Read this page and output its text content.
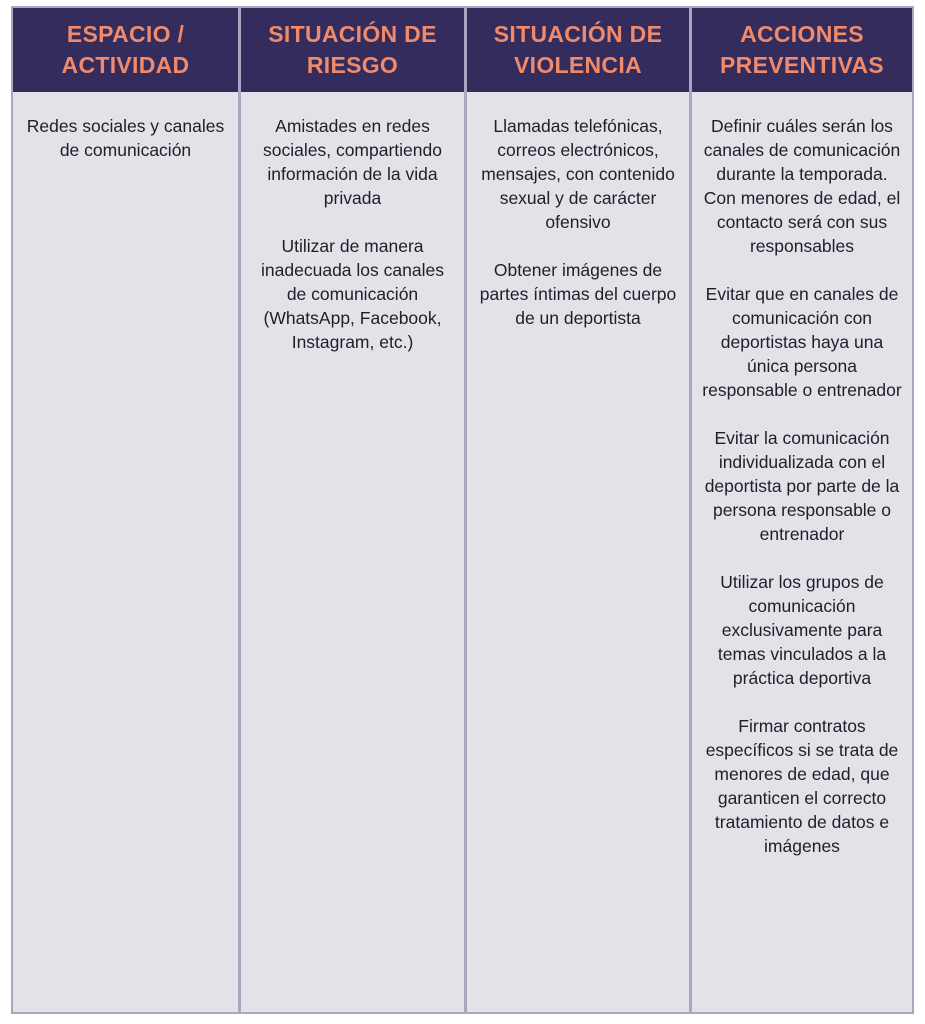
ESPACIO /
ACTIVIDAD
SITUACIÓN DE
RIESGO
SITUACIÓN DE
VIOLENCIA
ACCIONES
PREVENTIVAS

Redes sociales y canales de comunicación

Amistades en redes sociales, compartiendo información de la vida privada

Utilizar de manera inadecuada los canales de comunicación (WhatsApp, Facebook, Instagram, etc.)

Llamadas telefónicas, correos electrónicos, mensajes, con contenido sexual y de carácter ofensivo

Obtener imágenes de partes íntimas del cuerpo de un deportista

Definir cuáles serán los canales de comunicación durante la temporada. Con menores de edad, el contacto será con sus responsables

Evitar que en canales de comunicación con deportistas haya una única persona responsable o entrenador

Evitar la comunicación individualizada con el deportista por parte de la persona responsable o entrenador

Utilizar los grupos de comunicación exclusivamente para temas vinculados a la práctica deportiva

Firmar contratos específicos si se trata de menores de edad, que garanticen el correcto tratamiento de datos e imágenes
